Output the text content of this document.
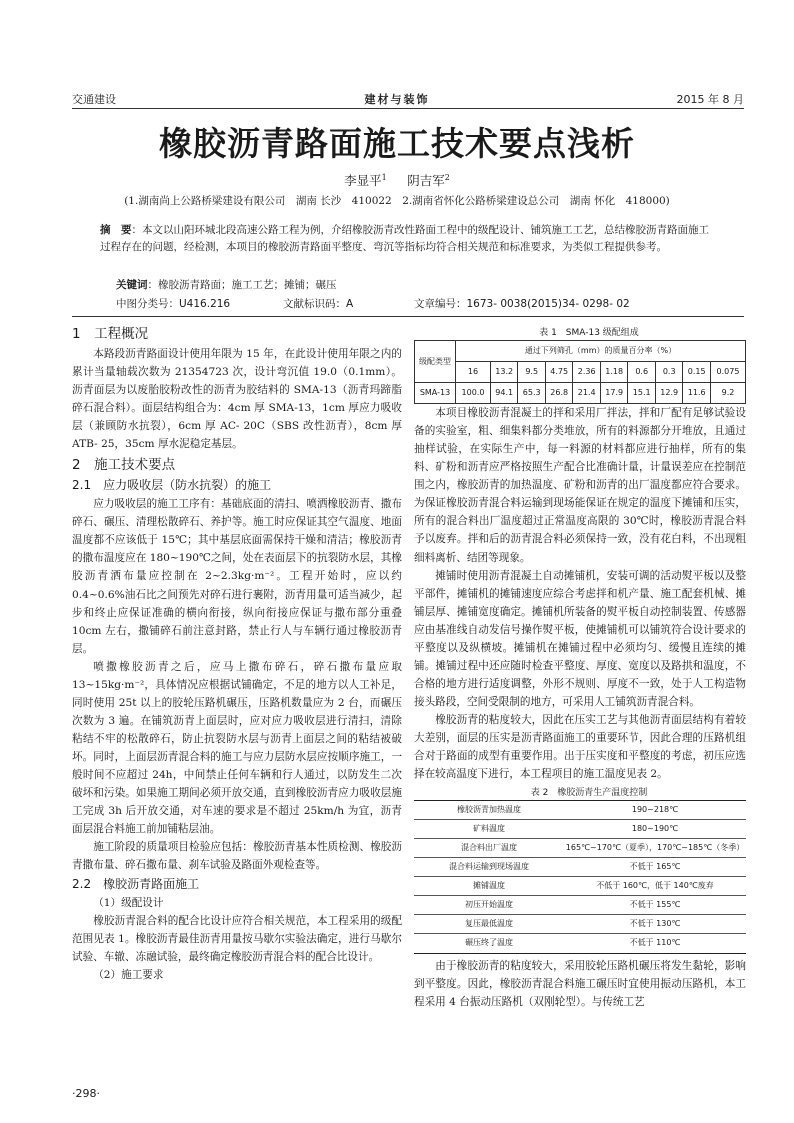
交通建设	建材与装饰	2015 年 8 月
橡胶沥青路面施工技术要点浅析
李显平$^1$ 　 阴吉军$^2$
(1.湖南尚上公路桥梁建设有限公司　湖南 长沙　410022　2.湖南省怀化公路桥梁建设总公司　湖南 怀化　418000)
摘　要：本文以山阳环城北段高速公路工程为例，介绍橡胶沥青改性路面工程中的级配设计、铺筑施工工艺，总结橡胶沥青路面施工过程存在的问题，经检测，本项目的橡胶沥青路面平整度、弯沉等指标均符合相关规范和标准要求，为类似工程提供参考。
关键词：橡胶沥青路面；施工工艺；摊铺；碾压
中图分类号：U416.216	文献标识码：A	文章编号：1673- 0038(2015)34- 0298- 02
1　工程概况

本路段沥青路面设计使用年限为 15 年，在此设计使用年限之内的累计当量轴载次数为 21354723 次，设计弯沉值 19.0（0.1mm）。沥青面层为以废胎胶粉改性的沥青为胶结料的 SMA-13（沥青玛蹄脂碎石混合料）。面层结构组合为：4cm 厚 SMA-13，1cm 厚应力吸收层（兼顾防水抗裂），6cm 厚 AC- 20C（SBS 改性沥青），8cm 厚 ATB- 25，35cm 厚水泥稳定基层。

2　施工技术要点
2.1　应力吸收层（防水抗裂）的施工

应力吸收层的施工工序有：基础底面的清扫、喷洒橡胶沥青、撒布碎石、碾压、清理松散碎石、养护等。施工时应保证其空气温度、地面温度都不应该低于 15℃；其中基层底面需保持干燥和清洁；橡胶沥青的撒布温度应在 180~190℃之间，处在表面层下的抗裂防水层，其橡胶沥青洒布量应控制在 2~2.3kg·m⁻²。工程开始时，应以约 0.4~0.6%油石比之间预先对碎石进行裹附，沥青用量可适当减少，起步和终止应保证准确的横向衔接，纵向衔接应保证与撒布部分重叠 10cm 左右，撒铺碎石前注意封路，禁止行人与车辆行通过橡胶沥青层。

喷撒橡胶沥青之后，应马上撒布碎石，碎石撒布量应取 13~15kg·m⁻²，具体情况应根据试铺确定，不足的地方以人工补足，同时使用 25t 以上的胶轮压路机碾压，压路机数量应为 2 台，而碾压次数为 3 遍。在铺筑沥青上面层时，应对应力吸收层进行清扫，清除粘结不牢的松散碎石，防止抗裂防水层与沥青上面层之间的粘结被破坏。同时，上面层沥青混合料的施工与应力层防水层应按顺序施工，一般时间不应超过 24h，中间禁止任何车辆和行人通过，以防发生二次破坏和污染。如果施工期间必须开放交通，直到橡胶沥青应力吸收层施工完成 3h 后开放交通，对车速的要求是不超过 25km/h 为宜，沥青面层混合料施工前加铺粘层油。

施工阶段的质量项目检验应包括：橡胶沥青基本性质检测、橡胶沥青撒布量、碎石撒布量、刹车试验及路面外观检查等。

2.2　橡胶沥青路面施工

（1）级配设计

橡胶沥青混合料的配合比设计应符合相关规范，本工程采用的级配范围见表 1。橡胶沥青最佳沥青用量按马歇尔实验法确定，进行马歇尔试验、车辙、冻融试验，最终确定橡胶沥青混合料的配合比设计。

（2）施工要求

表 1　SMA-13 级配组成

级配类型	通过下列筛孔（mm）的质量百分率（%）									
	16	13.2	9.5	4.75	2.36	1.18	0.6	0.3	0.15	0.075
SMA-13	100.0	94.1	65.3	26.8	21.4	17.9	15.1	12.9	11.6	9.2

本项目橡胶沥青混凝土的拌和采用厂拌法，拌和厂配有足够试验设备的实验室，粗、细集料都分类堆放，所有的料源都分开堆放，且通过抽样试验，在实际生产中，每一料源的材料都应进行抽样，所有的集料、矿粉和沥青应严格按照生产配合比准确计量，计量误差应在控制范围之内，橡胶沥青的加热温度、矿粉和沥青的出厂温度都应符合要求。为保证橡胶沥青混合料运输到现场能保证在规定的温度下摊铺和压实，所有的混合料出厂温度超过正常温度高限的 30℃时，橡胶沥青混合料予以废弃。拌和后的沥青混合料必须保持一致，没有花白料，不出现粗细料离析、结团等现象。

摊铺时使用沥青混凝土自动摊铺机，安装可调的活动熨平板以及整平部件，摊铺机的摊铺速度应综合考虑拌和机产量、施工配套机械、摊铺层厚、摊铺宽度确定。摊铺机所装备的熨平板自动控制装置、传感器应由基准线自动发信号操作熨平板，使摊铺机可以铺筑符合设计要求的平整度以及纵横坡。摊铺机在摊铺过程中必须均匀、缓慢且连续的摊铺。摊铺过程中还应随时检查平整度、厚度、宽度以及路拱和温度，不合格的地方进行适度调整，外形不规则、厚度不一致，处于人工构造物接头路段，空间受限制的地方，可采用人工铺筑沥青混合料。

橡胶沥青的粘度较大，因此在压实工艺与其他沥青面层结构有着较大差别，面层的压实是沥青路面施工的重要环节，因此合理的压路机组合对于路面的成型有重要作用。出于压实度和平整度的考虑，初压应选择在较高温度下进行，本工程项目的施工温度见表 2。

表 2　橡胶沥青生产温度控制

橡胶沥青加热温度	190~218℃
矿料温度	180~190℃
混合料出厂温度	165℃~170℃（夏季），170℃~185℃（冬季）
混合料运输到现场温度	不低于 165℃
摊铺温度	不低于 160℃，低于 140℃废弃
初压开始温度	不低于 155℃
复压最低温度	不低于 130℃
碾压终了温度	不低于 110℃

由于橡胶沥青的粘度较大，采用胶轮压路机碾压将发生黏轮，影响到平整度。因此，橡胶沥青混合料施工碾压时宜使用振动压路机，本工程采用 4 台振动压路机（双刚轮型）。与传统工艺

·298·
